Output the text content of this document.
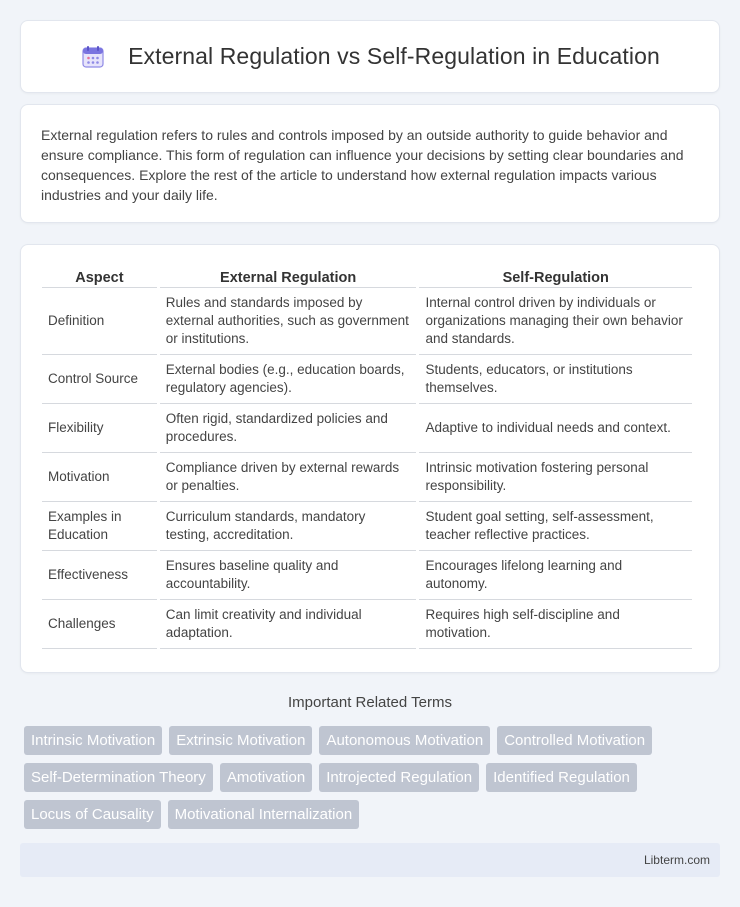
External Regulation vs Self-Regulation in Education

External regulation refers to rules and controls imposed by an outside authority to guide behavior and ensure compliance. This form of regulation can influence your decisions by setting clear boundaries and consequences. Explore the rest of the article to understand how external regulation impacts various industries and your daily life.

Aspect	External Regulation	Self-Regulation
Definition	Rules and standards imposed by external authorities, such as government or institutions.	Internal control driven by individuals or organizations managing their own behavior and standards.
Control Source	External bodies (e.g., education boards, regulatory agencies).	Students, educators, or institutions themselves.
Flexibility	Often rigid, standardized policies and procedures.	Adaptive to individual needs and context.
Motivation	Compliance driven by external rewards or penalties.	Intrinsic motivation fostering personal responsibility.
Examples in Education	Curriculum standards, mandatory testing, accreditation.	Student goal setting, self-assessment, teacher reflective practices.
Effectiveness	Ensures baseline quality and accountability.	Encourages lifelong learning and autonomy.
Challenges	Can limit creativity and individual adaptation.	Requires high self-discipline and motivation.
Important Related Terms
Intrinsic Motivation	Extrinsic Motivation	Autonomous Motivation	Controlled Motivation
Self-Determination Theory	Amotivation	Introjected Regulation	Identified Regulation
Locus of Causality	Motivational Internalization
Libterm.com
